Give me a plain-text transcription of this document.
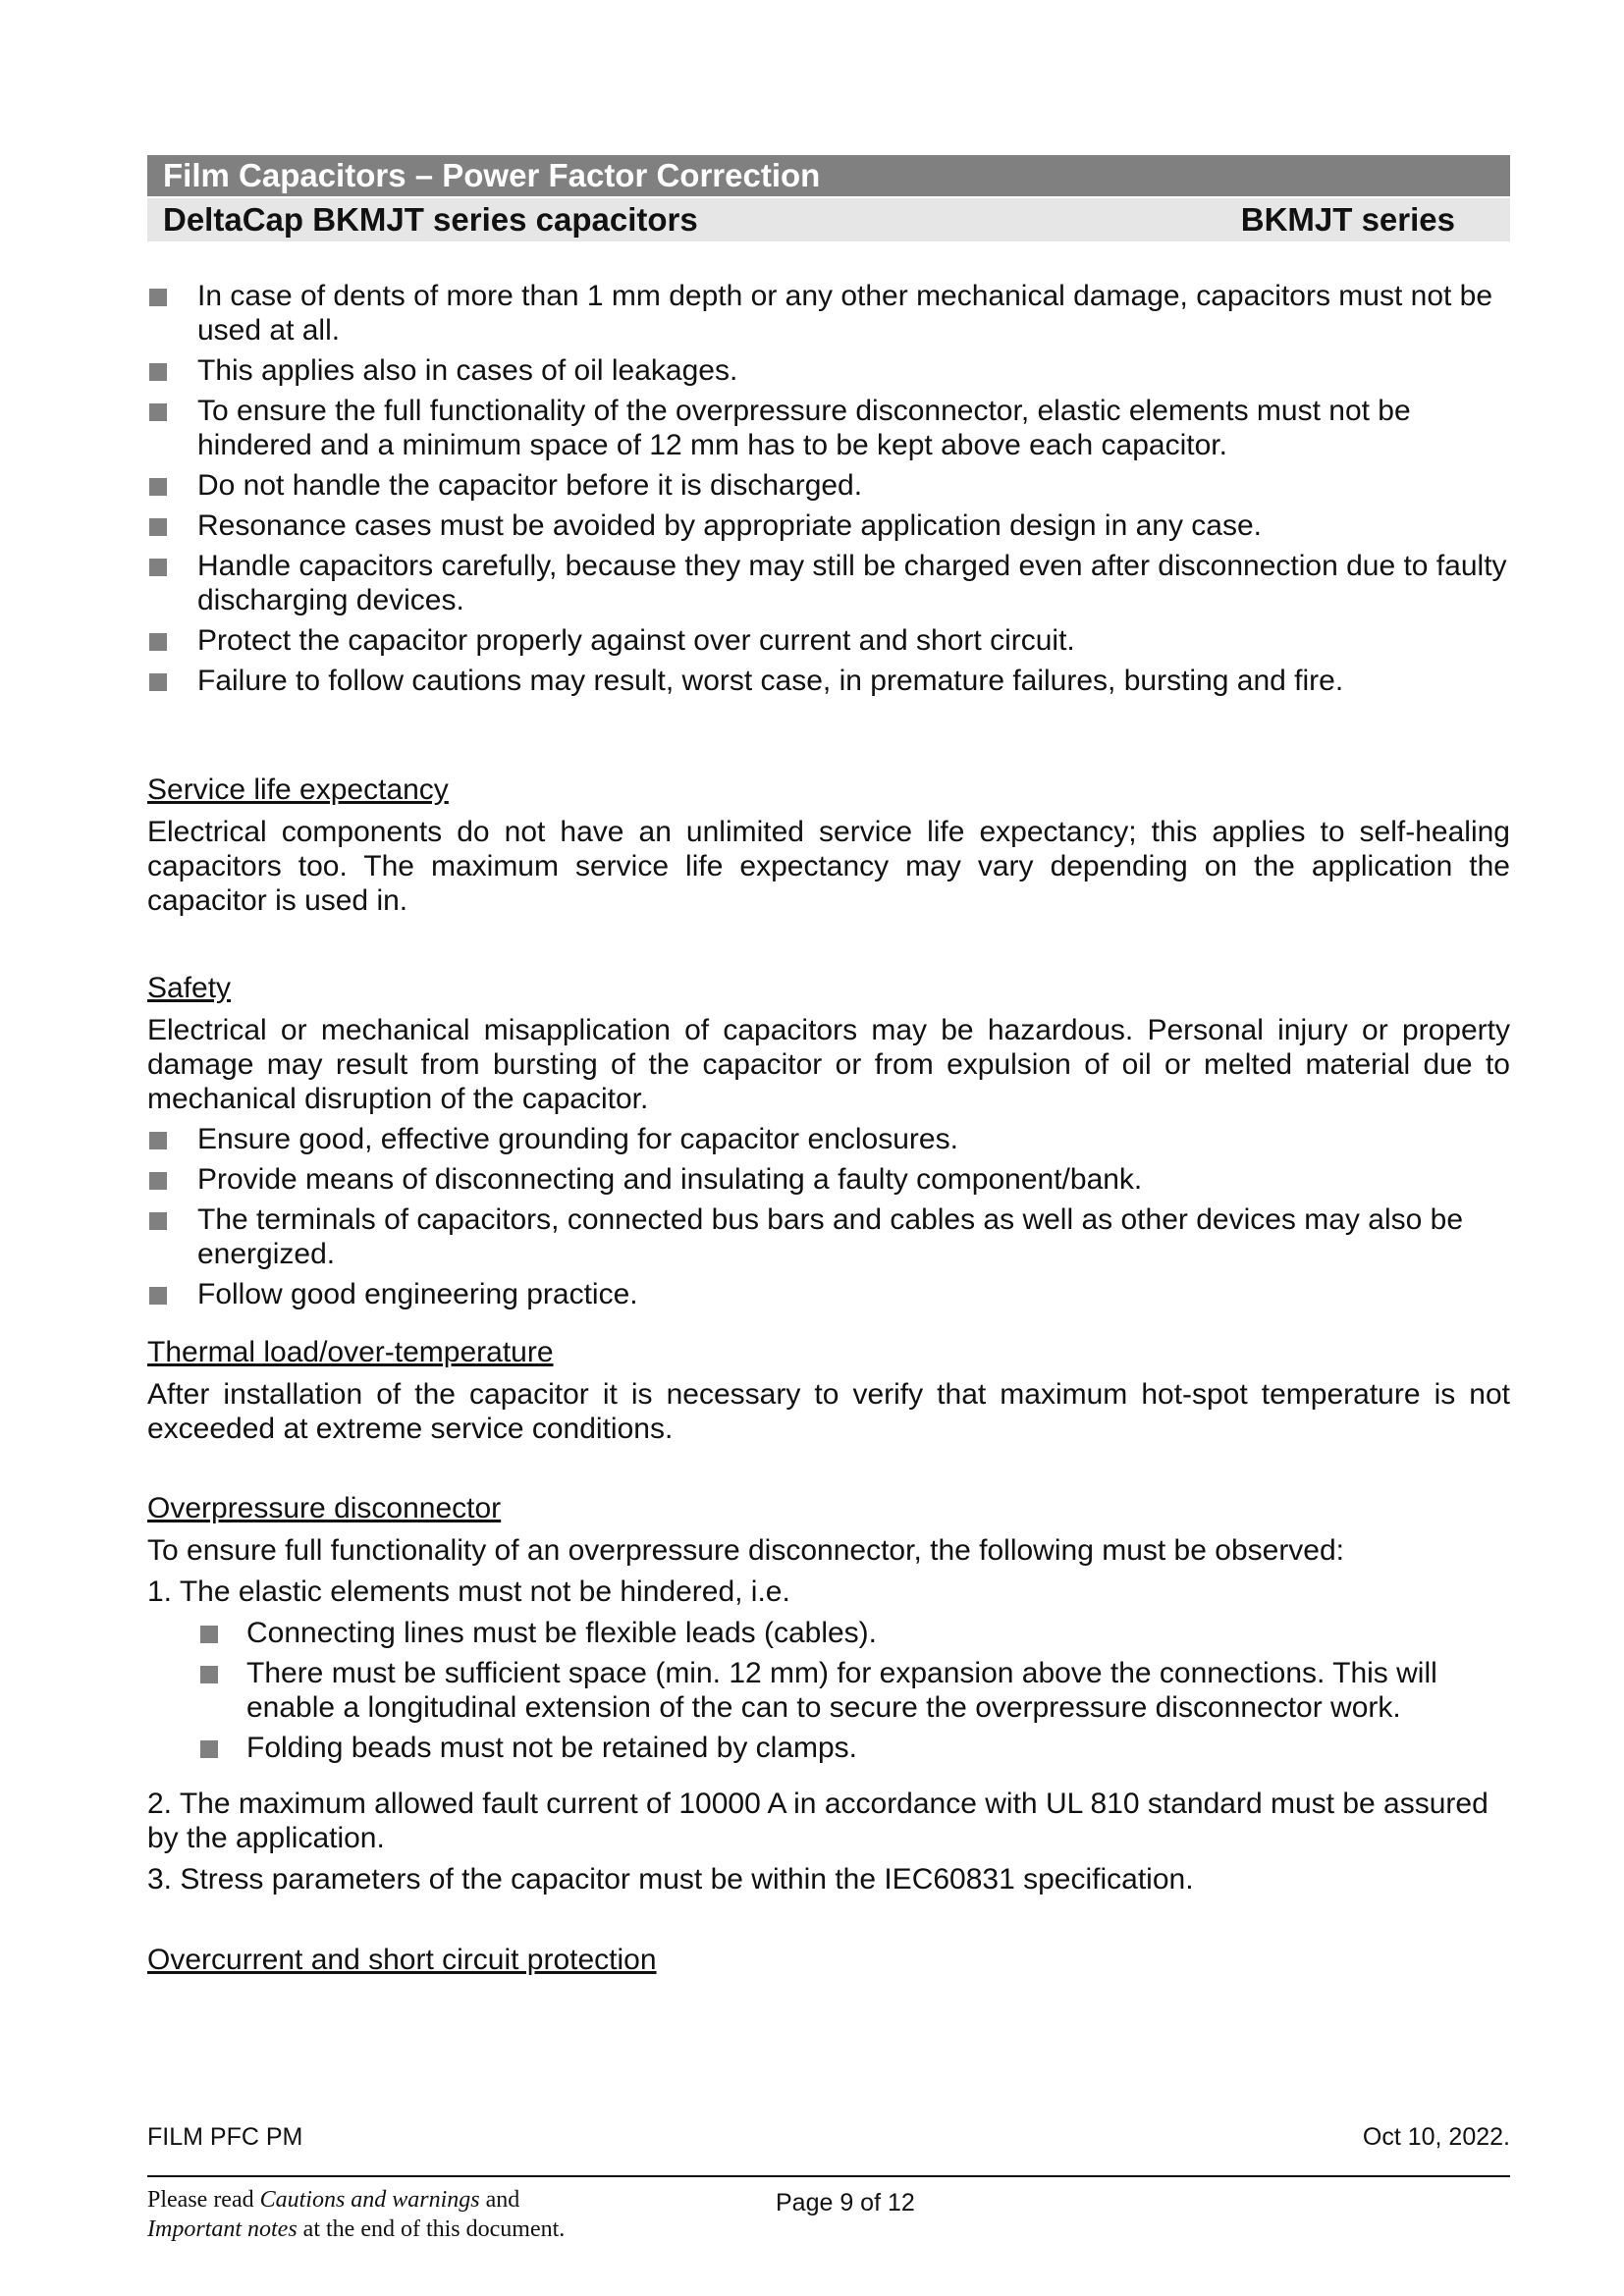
Film Capacitors – Power Factor Correction
DeltaCap BKMJT series capacitors	BKMJT series
In case of dents of more than 1 mm depth or any other mechanical damage, capacitors must not be used at all.
This applies also in cases of oil leakages.
To ensure the full functionality of the overpressure disconnector, elastic elements must not be hindered and a minimum space of 12 mm has to be kept above each capacitor.
Do not handle the capacitor before it is discharged.
Resonance cases must be avoided by appropriate application design in any case.
Handle capacitors carefully, because they may still be charged even after disconnection due to faulty discharging devices.
Protect the capacitor properly against over current and short circuit.
Failure to follow cautions may result, worst case, in premature failures, bursting and fire.
Service life expectancy

Electrical components do not have an unlimited service life expectancy; this applies to self-healing capacitors too. The maximum service life expectancy may vary depending on the application the capacitor is used in.

Safety

Electrical or mechanical misapplication of capacitors may be hazardous. Personal injury or property damage may result from bursting of the capacitor or from expulsion of oil or melted material due to mechanical disruption of the capacitor.

Ensure good, effective grounding for capacitor enclosures.
Provide means of disconnecting and insulating a faulty component/bank.
The terminals of capacitors, connected bus bars and cables as well as other devices may also be energized.
Follow good engineering practice.
Thermal load/over-temperature

After installation of the capacitor it is necessary to verify that maximum hot-spot temperature is not exceeded at extreme service conditions.

Overpressure disconnector

To ensure full functionality of an overpressure disconnector, the following must be observed:

1. The elastic elements must not be hindered, i.e.

Connecting lines must be flexible leads (cables).
There must be sufficient space (min. 12 mm) for expansion above the connections. This will enable a longitudinal extension of the can to secure the overpressure disconnector work.
Folding beads must not be retained by clamps.

2. The maximum allowed fault current of 10000 A in accordance with UL 810 standard must be assured by the application.

3. Stress parameters of the capacitor must be within the IEC60831 specification.

Overcurrent and short circuit protection
FILM PFC PM	Oct 10, 2022.
Please read Cautions and warnings and
Important notes at the end of this document.
Page 9 of 12
